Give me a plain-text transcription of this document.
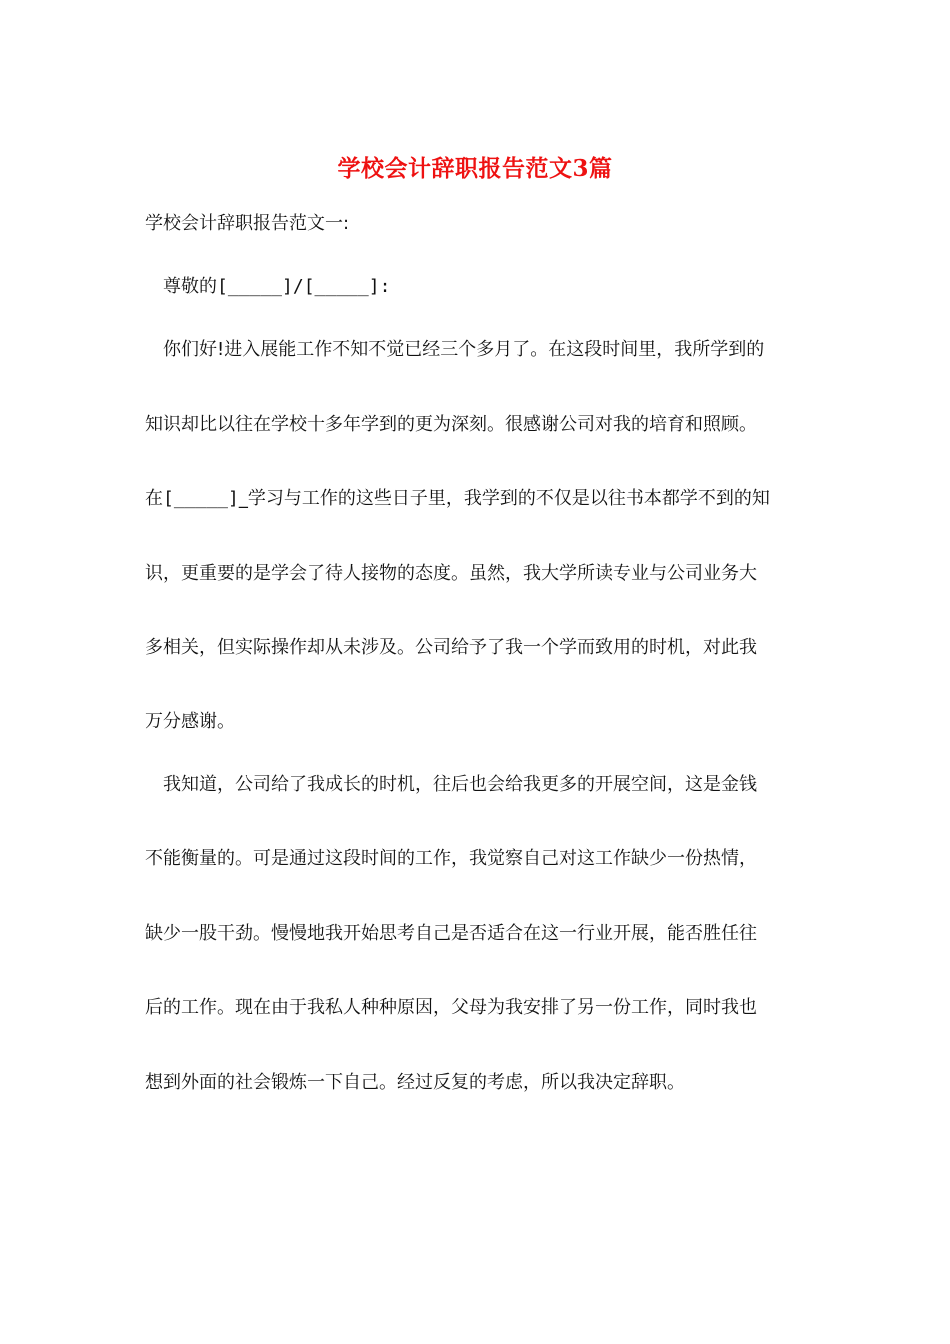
学校会计辞职报告范文3篇
学校会计辞职报告范文一:
尊敬的[_____]/[_____]:
你们好!进入展能工作不知不觉已经三个多月了。在这段时间里，我所学到的
知识却比以往在学校十多年学到的更为深刻。很感谢公司对我的培育和照顾。
在[_____]_学习与工作的这些日子里，我学到的不仅是以往书本都学不到的知
识，更重要的是学会了待人接物的态度。虽然，我大学所读专业与公司业务大
多相关，但实际操作却从未涉及。公司给予了我一个学而致用的时机，对此我
万分感谢。
我知道，公司给了我成长的时机，往后也会给我更多的开展空间，这是金钱
不能衡量的。可是通过这段时间的工作，我觉察自己对这工作缺少一份热情，
缺少一股干劲。慢慢地我开始思考自己是否适合在这一行业开展，能否胜任往
后的工作。现在由于我私人种种原因，父母为我安排了另一份工作，同时我也
想到外面的社会锻炼一下自己。经过反复的考虑，所以我决定辞职。
